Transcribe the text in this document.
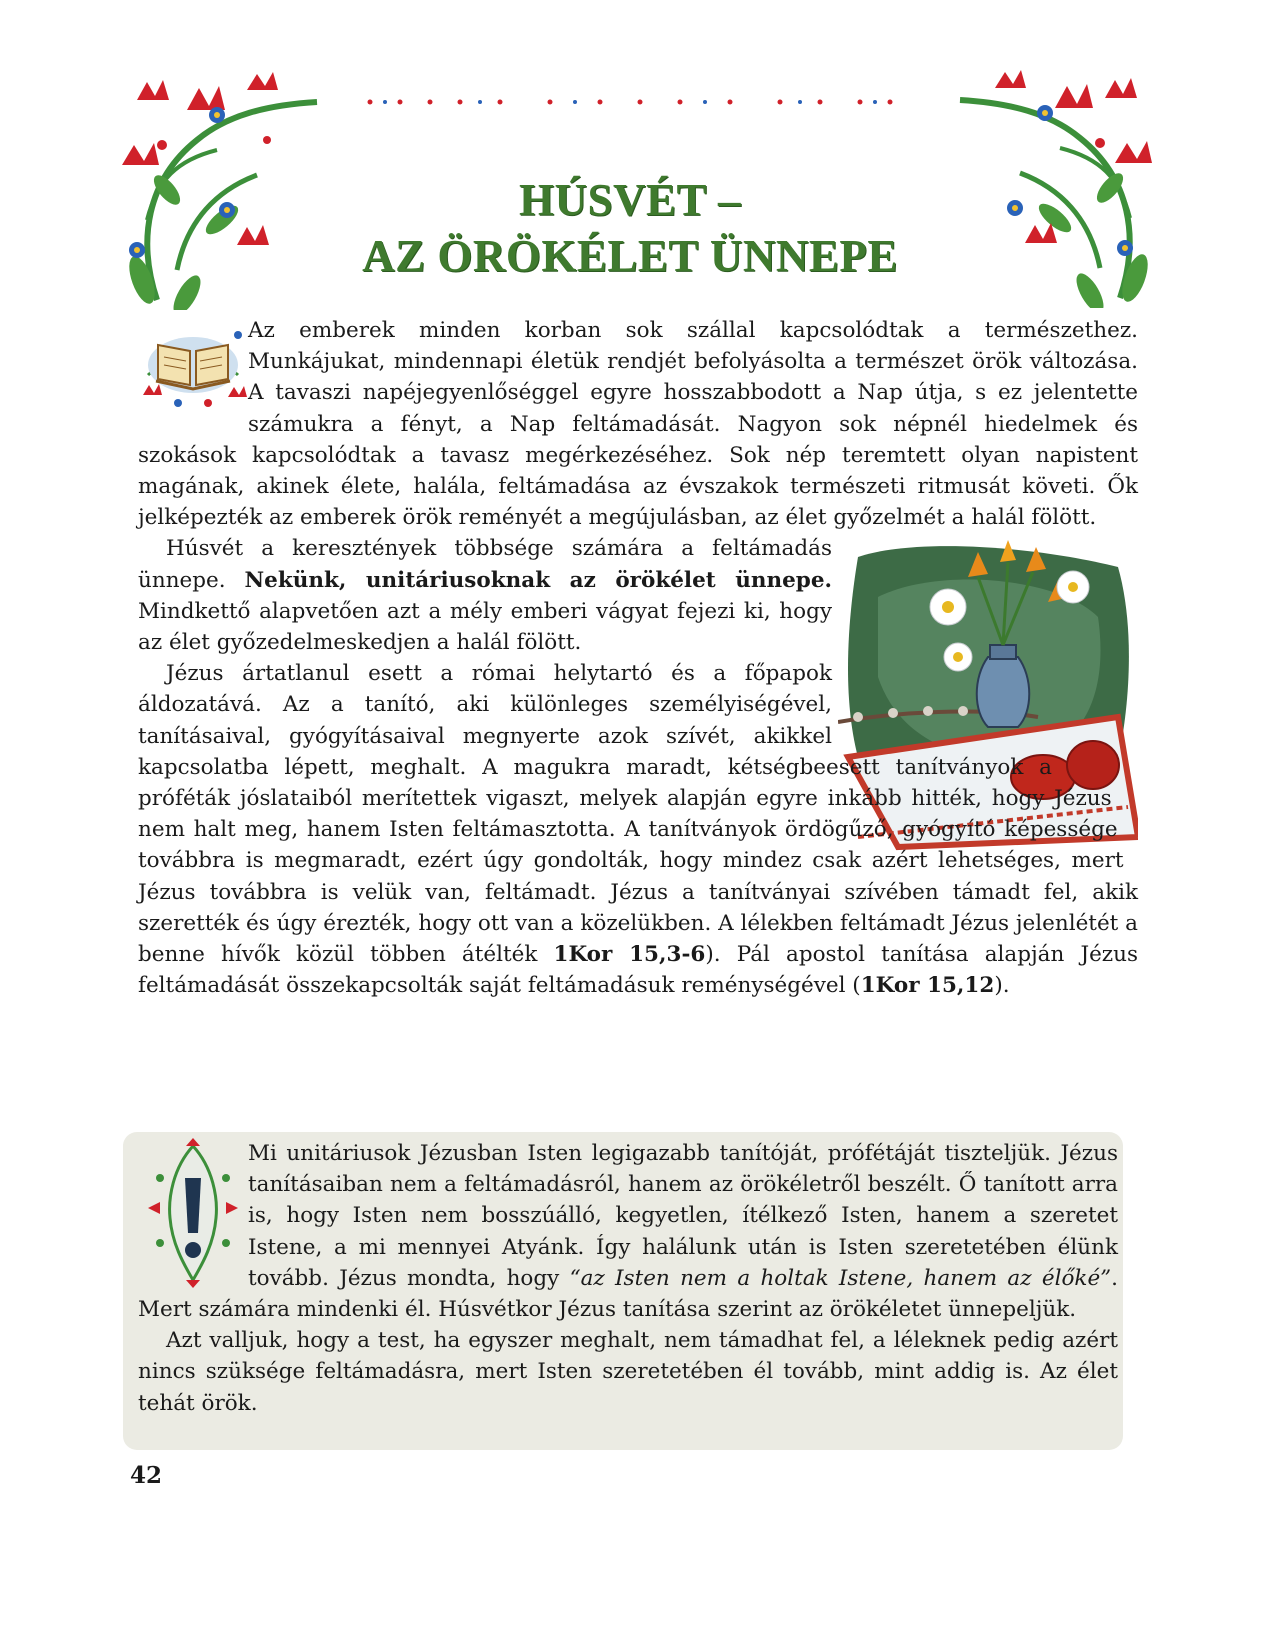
HÚSVÉT –
AZ ÖRÖKÉLET ÜNNEPE

Az emberek minden korban sok szállal kapcsolódtak a természethez. Munkájukat, mindennapi életük rendjét befolyásolta a természet örök változása. A tavaszi napéjegyenlőséggel egyre hosszabbodott a Nap útja, s ez jelentette számukra a fényt, a Nap feltámadását. Nagyon sok népnél hiedelmek és szokások kapcsolódtak a tavasz megérkezéséhez. Sok nép teremtett olyan napistent magának, akinek élete, halála, feltámadása az évszakok természeti ritmusát követi. Ők jelképezték az emberek örök reményét a megújulásban, az élet győzelmét a halál fölött.

Húsvét a keresztények többsége számára a feltámadás ünnepe. Nekünk, unitáriusoknak az örökélet ünnepe. Mindkettő alapvetően azt a mély emberi vágyat fejezi ki, hogy az élet győzedelmeskedjen a halál fölött.

Jézus ártatlanul esett a római helytartó és a főpapok áldozatává. Az a tanító, aki különleges személyiségével, tanításaival, gyógyításaival megnyerte azok szívét, akikkel kapcsolatba lépett, meghalt. A magukra maradt, kétségbeesett tanítványok a próféták jóslataiból merítettek vigaszt, melyek alapján egyre inkább hitték, hogy Jézus nem halt meg, hanem Isten feltámasztotta. A tanítványok ördögűző, gyógyító képessége továbbra is megmaradt, ezért úgy gondolták, hogy mindez csak azért lehetséges, mert Jézus továbbra is velük van, feltámadt. Jézus a tanítványai szívében támadt fel, akik szerették és úgy érezték, hogy ott van a közelükben. A lélekben feltámadt Jézus jelenlétét a benne hívők közül többen átélték 1Kor 15,3-6). Pál apostol tanítása alapján Jézus feltámadását összekapcsolták saját feltámadásuk reménységével (1Kor 15,12).

Mi unitáriusok Jézusban Isten legigazabb tanítóját, prófétáját tiszteljük. Jézus tanításaiban nem a feltámadásról, hanem az örökéletről beszélt. Ő tanított arra is, hogy Isten nem bosszúálló, kegyetlen, ítélkező Isten, hanem a szeretet Istene, a mi mennyei Atyánk. Így halálunk után is Isten szeretetében élünk tovább. Jézus mondta, hogy “az Isten nem a holtak Istene, hanem az élőké”. Mert számára mindenki él. Húsvétkor Jézus tanítása szerint az örökéletet ünnepeljük.

Azt valljuk, hogy a test, ha egyszer meghalt, nem támadhat fel, a léleknek pedig azért nincs szüksége feltámadásra, mert Isten szeretetében él tovább, mint addig is. Az élet tehát örök.

42
